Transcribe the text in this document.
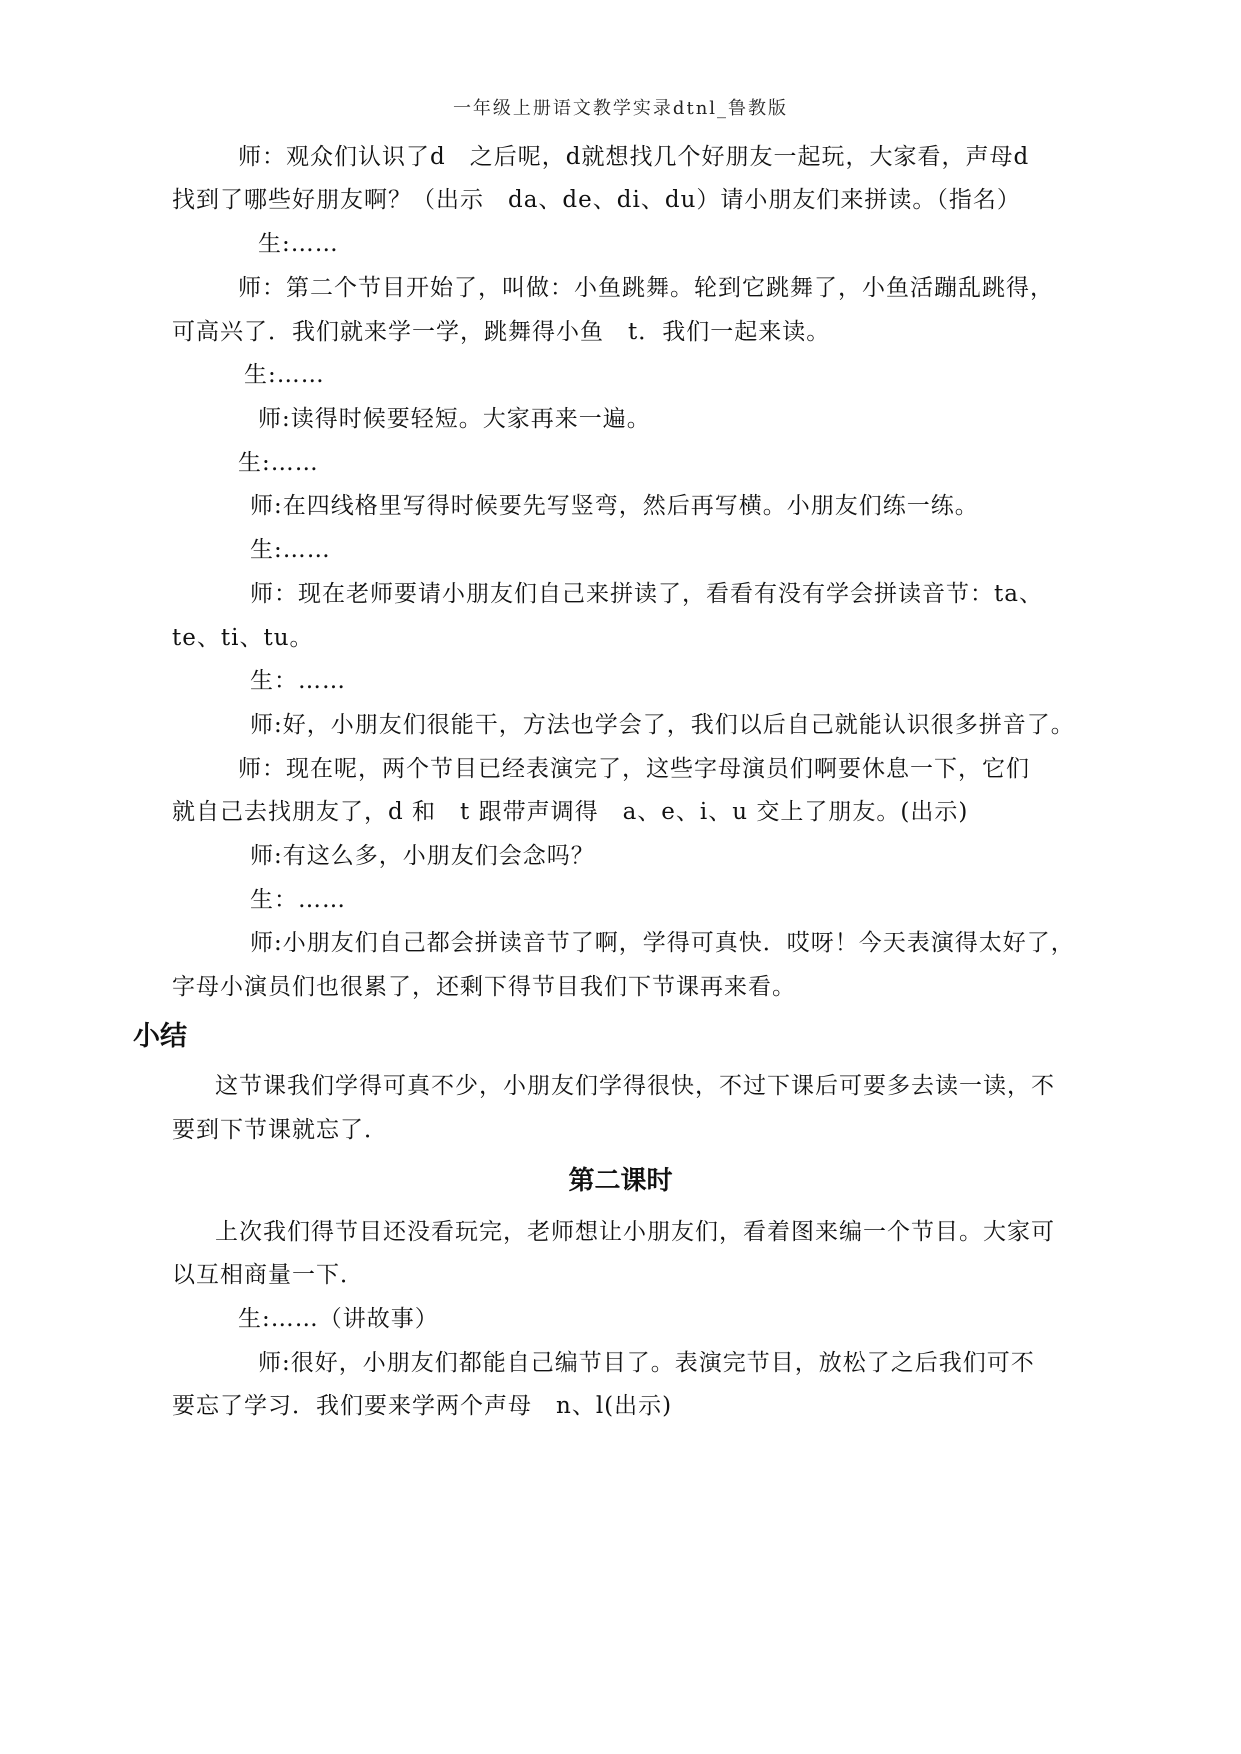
一年级上册语文教学实录dtnl_鲁教版
师：观众们认识了d　之后呢，d就想找几个好朋友一起玩，大家看，声母d
找到了哪些好朋友啊？（出示　da、de、di、du）请小朋友们来拼读。（指名）
生:……
师：第二个节目开始了，叫做：小鱼跳舞。轮到它跳舞了，小鱼活蹦乱跳得，
可高兴了．我们就来学一学，跳舞得小鱼　t．我们一起来读。
生:……
师:读得时候要轻短。大家再来一遍。
生:……
师:在四线格里写得时候要先写竖弯，然后再写横。小朋友们练一练。
生:……
师：现在老师要请小朋友们自己来拼读了，看看有没有学会拼读音节：ta、
te、ti、tu。
生：……
师:好，小朋友们很能干，方法也学会了，我们以后自己就能认识很多拼音了。
师：现在呢，两个节目已经表演完了，这些字母演员们啊要休息一下，它们
就自己去找朋友了，d 和　t 跟带声调得　a、e、i、u 交上了朋友。(出示)
师:有这么多，小朋友们会念吗？
生：……
师:小朋友们自己都会拼读音节了啊，学得可真快．哎呀！今天表演得太好了，
字母小演员们也很累了，还剩下得节目我们下节课再来看。
小结
这节课我们学得可真不少，小朋友们学得很快，不过下课后可要多去读一读，不
要到下节课就忘了．
第二课时
上次我们得节目还没看玩完，老师想让小朋友们，看着图来编一个节目。大家可
以互相商量一下．
生:……（讲故事）
师:很好，小朋友们都能自己编节目了。表演完节目，放松了之后我们可不
要忘了学习．我们要来学两个声母　n、l(出示)
